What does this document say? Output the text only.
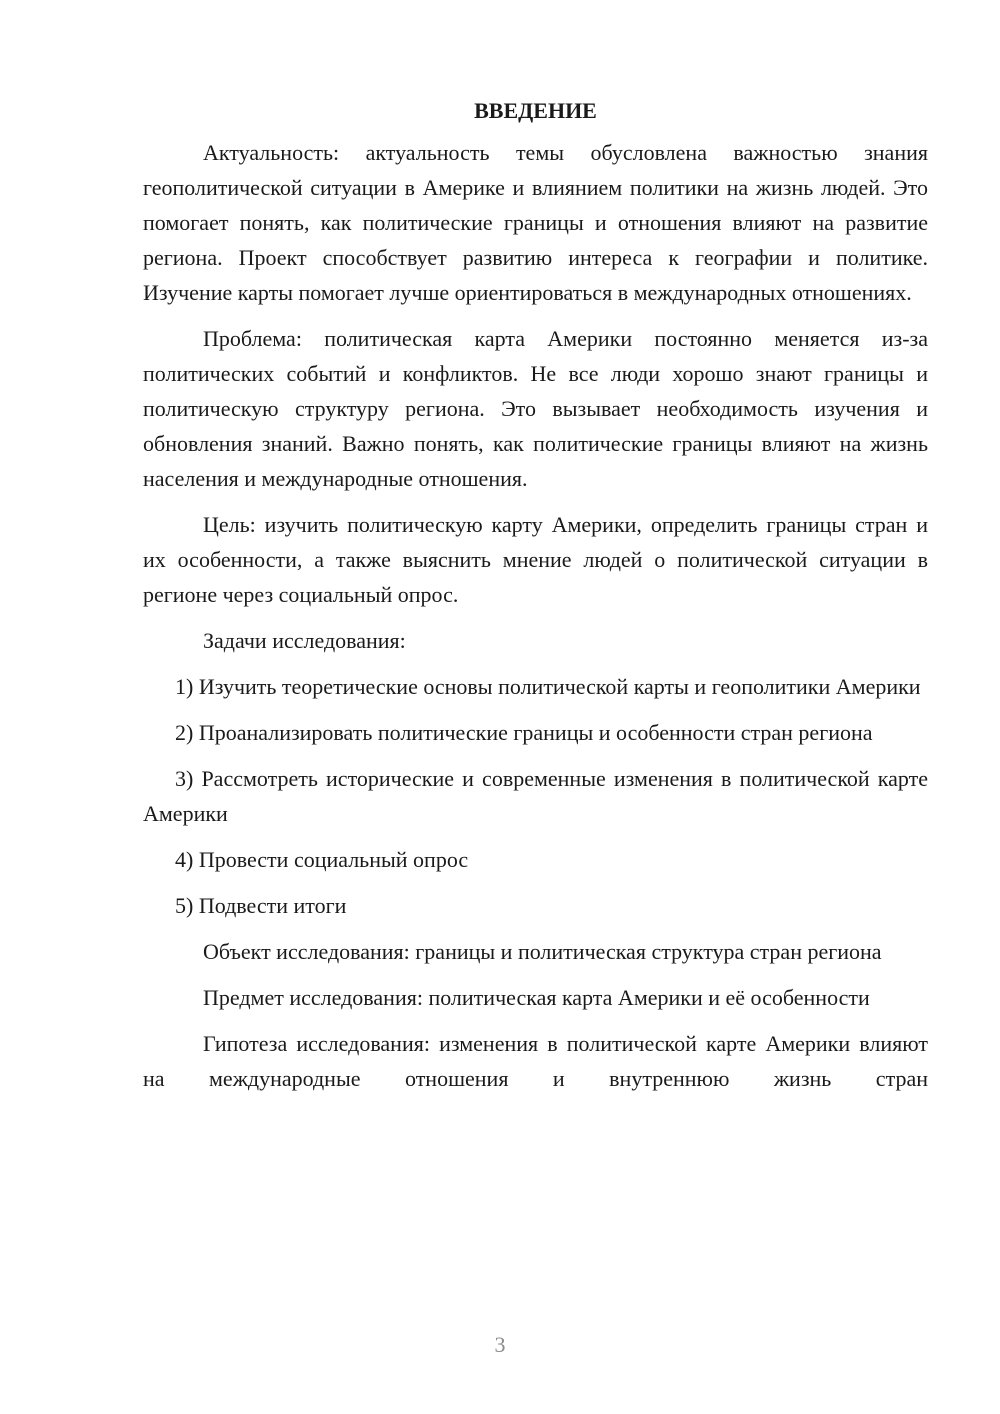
ВВЕДЕНИЕ
Актуальность: актуальность темы обусловлена важностью знания геополитической ситуации в Америке и влиянием политики на жизнь людей. Это помогает понять, как политические границы и отношения влияют на развитие региона. Проект способствует развитию интереса к географии и политике. Изучение карты помогает лучше ориентироваться в международных отношениях.
Проблема: политическая карта Америки постоянно меняется из-за политических событий и конфликтов. Не все люди хорошо знают границы и политическую структуру региона. Это вызывает необходимость изучения и обновления знаний. Важно понять, как политические границы влияют на жизнь населения и международные отношения.
Цель: изучить политическую карту Америки, определить границы стран и их особенности, а также выяснить мнение людей о политической ситуации в регионе через социальный опрос.
Задачи исследования:
1) Изучить теоретические основы политической карты и геополитики Америки
2) Проанализировать политические границы и особенности стран региона
3) Рассмотреть исторические и современные изменения в политической карте Америки
4) Провести социальный опрос
5) Подвести итоги
Объект исследования: границы и политическая структура стран региона
Предмет исследования: политическая карта Америки и её особенности
Гипотеза исследования: изменения в политической карте Америки влияют на международные отношения и внутреннюю жизнь стран
3
